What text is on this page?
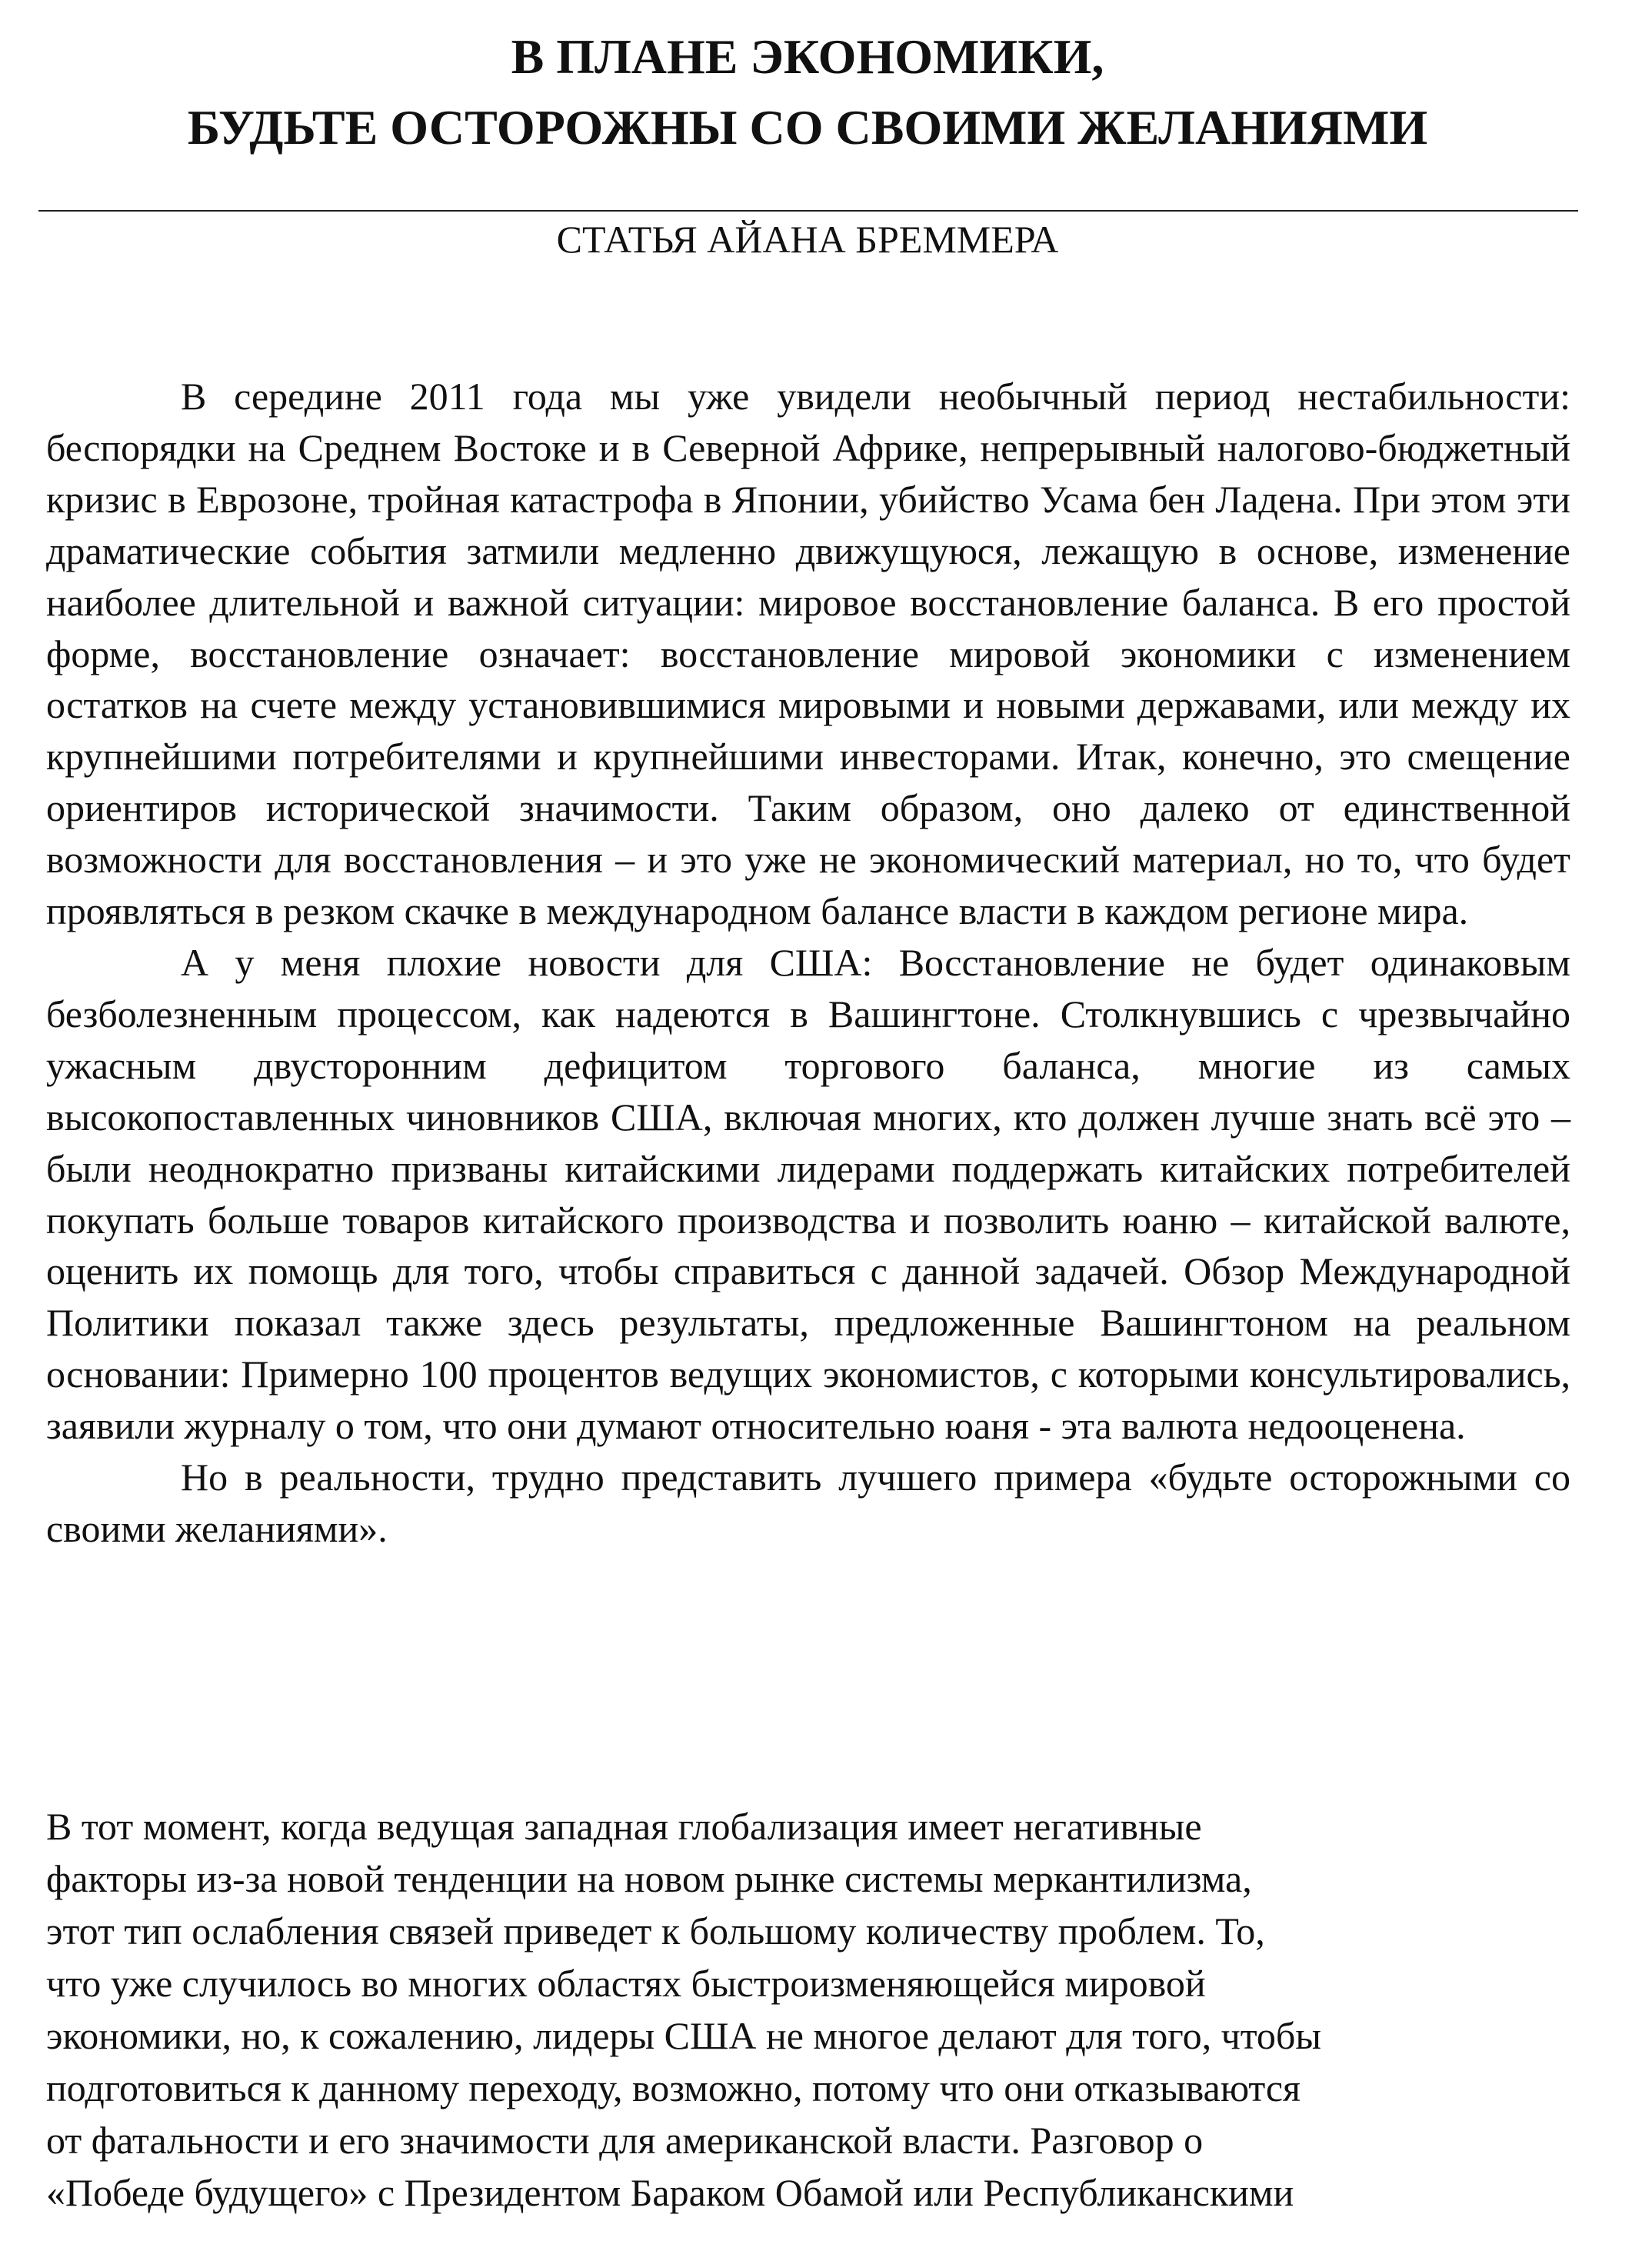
В ПЛАНЕ ЭКОНОМИКИ,
БУДЬТЕ ОСТОРОЖНЫ СО СВОИМИ ЖЕЛАНИЯМИ
СТАТЬЯ АЙАНА БРЕММЕРА

В середине 2011 года мы уже увидели необычный период нестабильности: беспорядки на Среднем Востоке и в Северной Африке, непрерывный налогово-бюджетный кризис в Еврозоне, тройная катастрофа в Японии, убийство Усама бен Ладена. При этом эти драматические события затмили медленно движущуюся, лежащую в основе, изменение наиболее длительной и важной ситуации: мировое восстановление баланса. В его простой форме, восстановление означает: восстановление мировой экономики с изменением остатков на счете между установившимися мировыми и новыми державами, или между их крупнейшими потребителями и крупнейшими инвесторами. Итак, конечно, это смещение ориентиров исторической значимости. Таким образом, оно далеко от единственной возможности для восстановления – и это уже не экономический материал, но то, что будет проявляться в резком скачке в международном балансе власти в каждом регионе мира.

А у меня плохие новости для США: Восстановление не будет одинаковым безболезненным процессом, как надеются в Вашингтоне. Столкнувшись с чрезвычайно ужасным двусторонним дефицитом торгового баланса, многие из самых высокопоставленных чиновников США, включая многих, кто должен лучше знать всё это – были неоднократно призваны китайскими лидерами поддержать китайских потребителей покупать больше товаров китайского производства и позволить юаню – китайской валюте, оценить их помощь для того, чтобы справиться с данной задачей. Обзор Международной Политики показал также здесь результаты, предложенные Вашингтоном на реальном основании: Примерно 100 процентов ведущих экономистов, с которыми консультировались, заявили журналу о том, что они думают относительно юаня - эта валюта недооценена.

Но в реальности, трудно представить лучшего примера «будьте осторожными со своими желаниями».

В тот момент, когда ведущая западная глобализация имеет негативные
факторы из-за новой тенденции на новом рынке системы меркантилизма,
этот тип ослабления связей приведет к большому количеству проблем. То,
что уже случилось во многих областях быстроизменяющейся мировой
экономики, но, к сожалению, лидеры США не многое делают для того, чтобы
подготовиться к данному переходу, возможно, потому что они отказываются
от фатальности и его значимости для американской власти. Разговор о
«Победе будущего» с Президентом Бараком Обамой или Республиканскими
